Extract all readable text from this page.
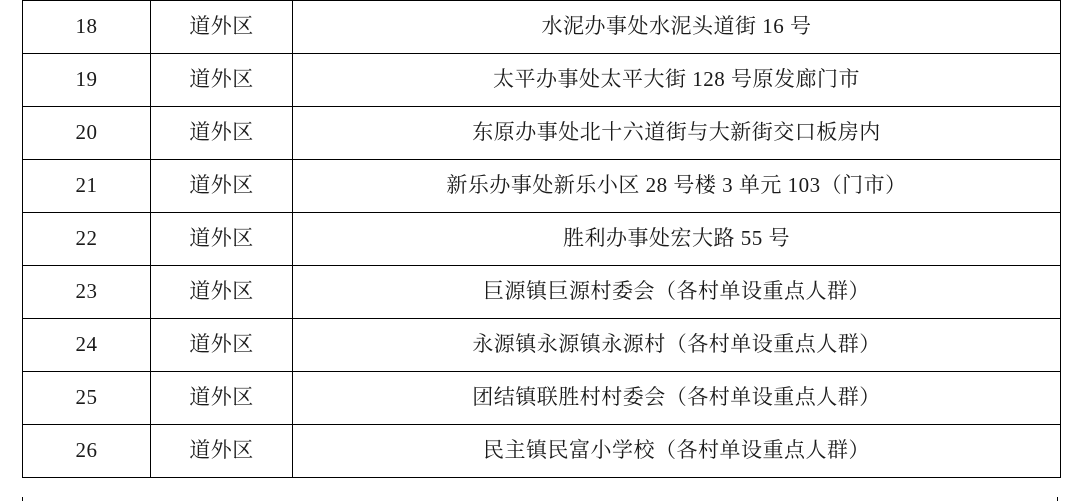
18	道外区	水泥办事处水泥头道街 16 号
19	道外区	太平办事处太平大街 128 号原发廊门市
20	道外区	东原办事处北十六道街与大新街交口板房内
21	道外区	新乐办事处新乐小区 28 号楼 3 单元 103（门市）
22	道外区	胜利办事处宏大路 55 号
23	道外区	巨源镇巨源村委会（各村单设重点人群）
24	道外区	永源镇永源镇永源村（各村单设重点人群）
25	道外区	团结镇联胜村村委会（各村单设重点人群）
26	道外区	民主镇民富小学校（各村单设重点人群）
